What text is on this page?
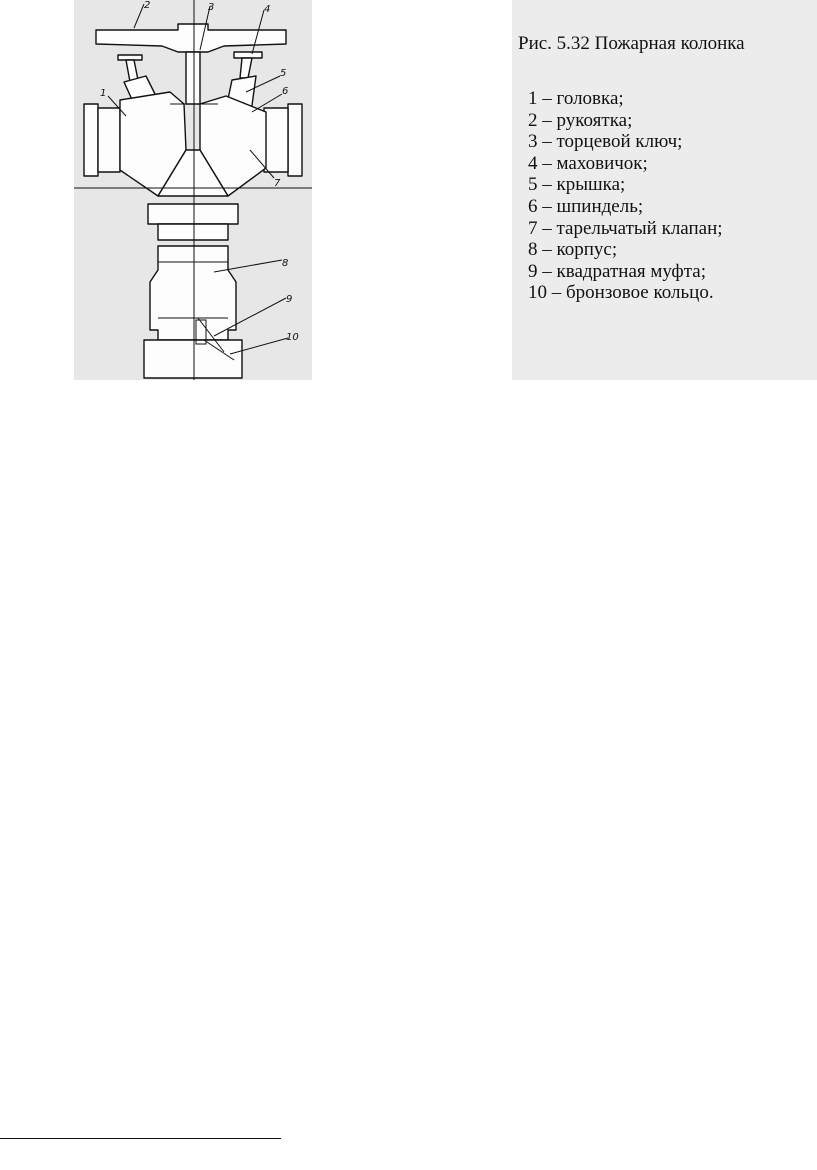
1
2	3	4
5
6
7
8
9
10
Рис. 5.32 Пожарная колонка
1 – головка;
2 – рукоятка;
3 – торцевой ключ;
4 – маховичок;
5 – крышка;
6 – шпиндель;
7 – тарельчатый клапан;
8 – корпус;
9 – квадратная муфта;
10 – бронзовое кольцо.
